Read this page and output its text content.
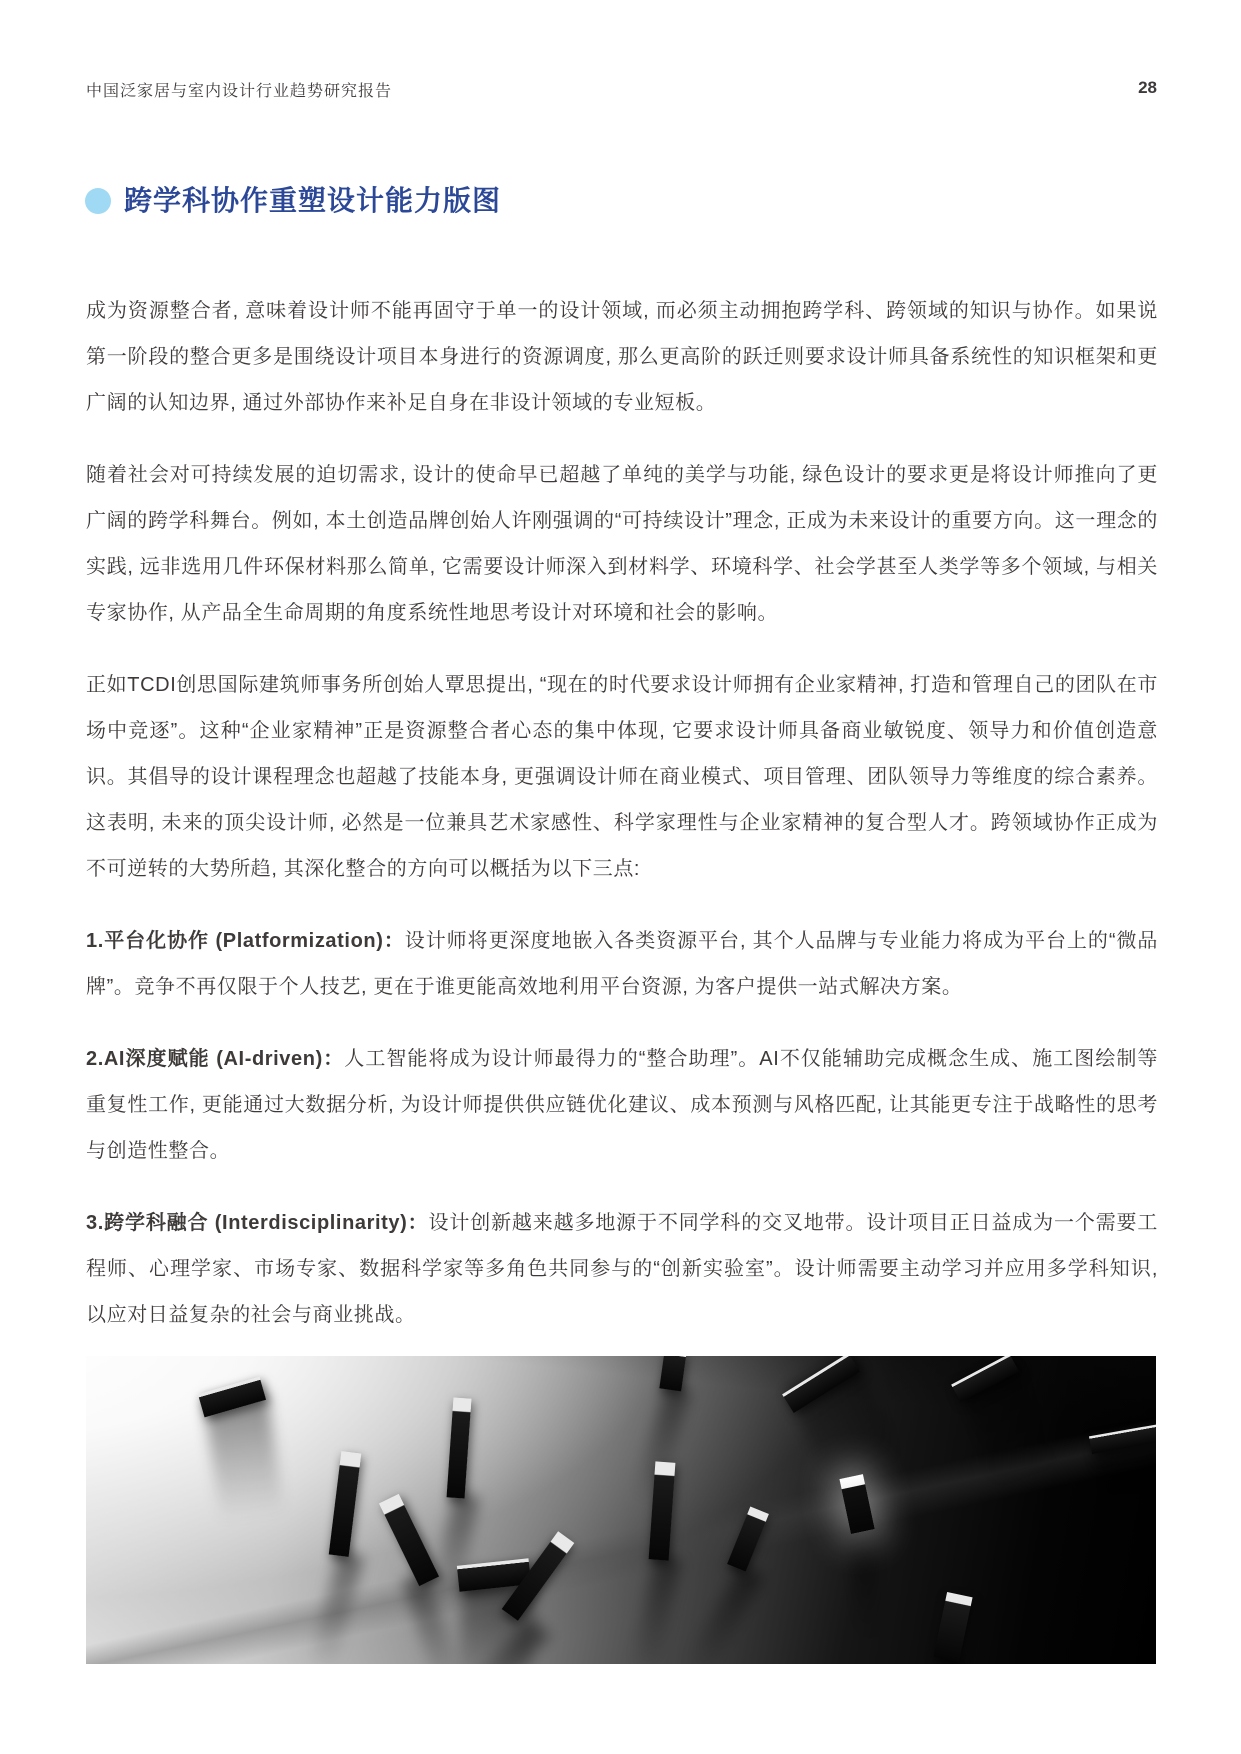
中国泛家居与室内设计行业趋势研究报告	28
跨学科协作重塑设计能力版图

成为资源整合者, 意味着设计师不能再固守于单一的设计领域, 而必须主动拥抱跨学科、跨领域的知识与协作。如果说第一阶段的整合更多是围绕设计项目本身进行的资源调度, 那么更高阶的跃迁则要求设计师具备系统性的知识框架和更广阔的认知边界, 通过外部协作来补足自身在非设计领域的专业短板。

随着社会对可持续发展的迫切需求, 设计的使命早已超越了单纯的美学与功能, 绿色设计的要求更是将设计师推向了更广阔的跨学科舞台。例如, 本土创造品牌创始人许刚强调的“可持续设计”理念, 正成为未来设计的重要方向。这一理念的实践, 远非选用几件环保材料那么简单, 它需要设计师深入到材料学、环境科学、社会学甚至人类学等多个领域, 与相关专家协作, 从产品全生命周期的角度系统性地思考设计对环境和社会的影响。

正如TCDI创思国际建筑师事务所创始人覃思提出, “现在的时代要求设计师拥有企业家精神, 打造和管理自己的团队在市场中竞逐”。这种“企业家精神”正是资源整合者心态的集中体现, 它要求设计师具备商业敏锐度、领导力和价值创造意识。其倡导的设计课程理念也超越了技能本身, 更强调设计师在商业模式、项目管理、团队领导力等维度的综合素养。这表明, 未来的顶尖设计师, 必然是一位兼具艺术家感性、科学家理性与企业家精神的复合型人才。跨领域协作正成为不可逆转的大势所趋, 其深化整合的方向可以概括为以下三点:

1.平台化协作 (Platformization)：设计师将更深度地嵌入各类资源平台, 其个人品牌与专业能力将成为平台上的“微品牌”。竞争不再仅限于个人技艺, 更在于谁更能高效地利用平台资源, 为客户提供一站式解决方案。

2.AI深度赋能 (AI-driven)：人工智能将成为设计师最得力的“整合助理”。AI不仅能辅助完成概念生成、施工图绘制等重复性工作, 更能通过大数据分析, 为设计师提供供应链优化建议、成本预测与风格匹配, 让其能更专注于战略性的思考与创造性整合。

3.跨学科融合 (Interdisciplinarity)：设计创新越来越多地源于不同学科的交叉地带。设计项目正日益成为一个需要工程师、心理学家、市场专家、数据科学家等多角色共同参与的“创新实验室”。设计师需要主动学习并应用多学科知识, 以应对日益复杂的社会与商业挑战。
